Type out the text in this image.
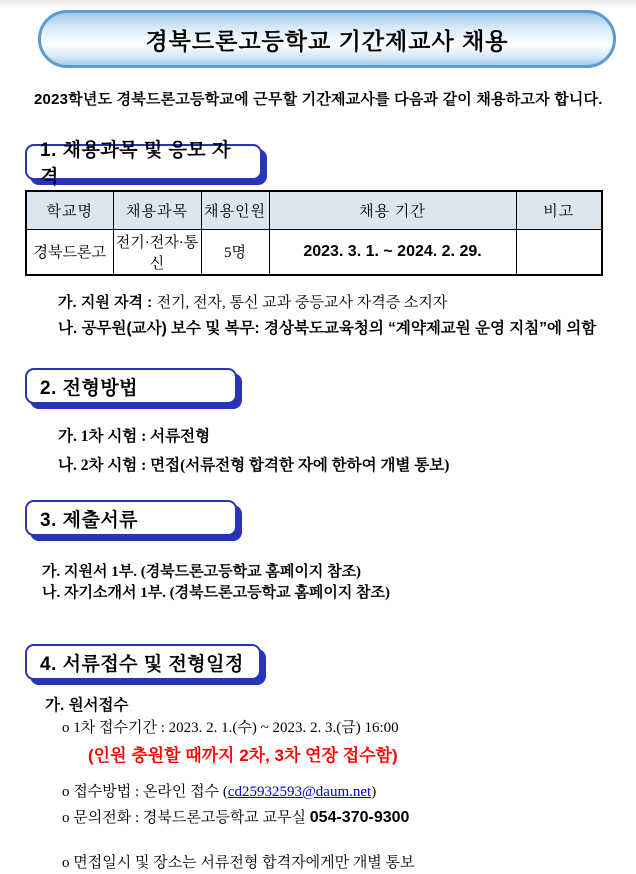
경북드론고등학교 기간제교사 채용
2023학년도 경북드론고등학교에 근무할 기간제교사를 다음과 같이 채용하고자 합니다.
1. 채용과목 및 응모 자격
학교명	채용과목	채용인원	채용 기간	비고
경북드론고	전기·전자·통신	5명	2023. 3. 1. ~ 2024. 2. 29.	
가. 지원 자격 : 전기, 전자, 통신 교과 중등교사 자격증 소지자
나. 공무원(교사) 보수 및 복무: 경상북도교육청의 “계약제교원 운영 지침”에 의함
2. 전형방법
가. 1차 시험 : 서류전형
나. 2차 시험 : 면접(서류전형 합격한 자에 한하여 개별 통보)
3. 제출서류
가. 지원서 1부. (경북드론고등학교 홈페이지 참조)
나. 자기소개서 1부. (경북드론고등학교 홈페이지 참조)
4. 서류접수 및 전형일정
가. 원서접수
o 1차 접수기간 : 2023. 2. 1.(수) ~ 2023. 2. 3.(금) 16:00
(인원 충원할 때까지 2차, 3차 연장 접수함)
o 접수방법 : 온라인 접수 (cd25932593@daum.net)
o 문의전화 : 경북드론고등학교 교무실 054-370-9300
o 면접일시 및 장소는 서류전형 합격자에게만 개별 통보
